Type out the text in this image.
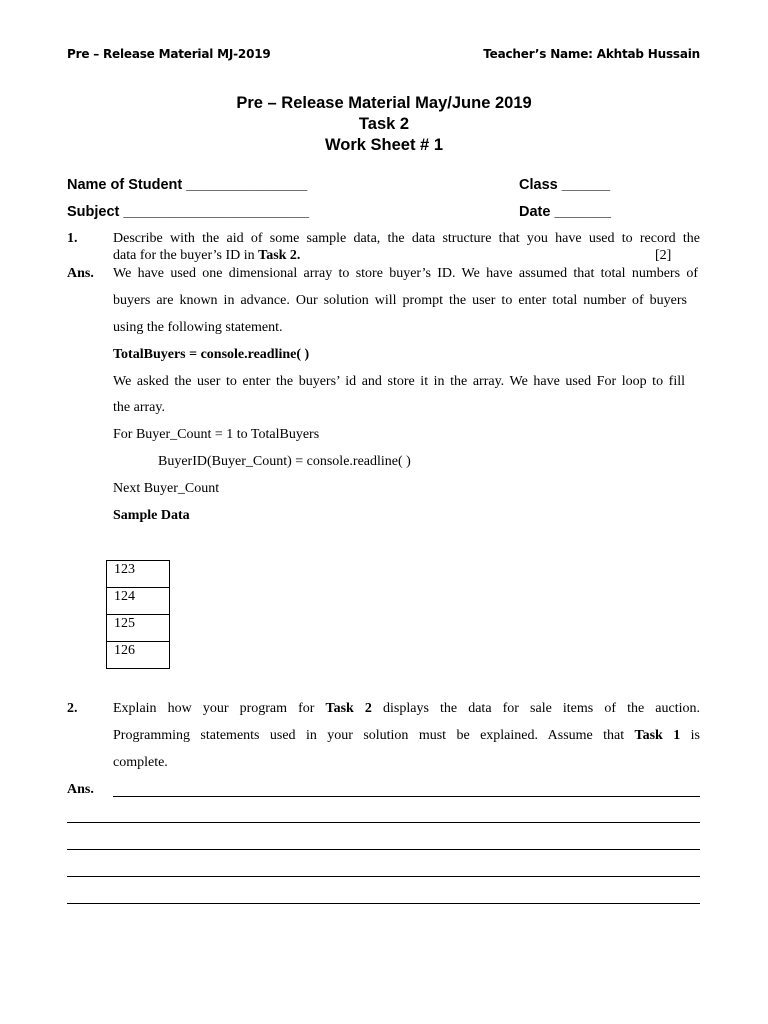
Pre – Release Material MJ-2019	Teacher’s Name: Akhtab Hussain
Pre – Release Material May/June 2019
Task 2
Work Sheet # 1
Name of Student _______________	Class ______
Subject _______________________	Date _______
1.	Describe with the aid of some sample data, the data structure that you have used to record the
data for the buyer’s ID in Task 2.	[2]
Ans. We have used one dimensional array to store buyer’s ID. We have assumed that total numbers of
buyers are known in advance. Our solution will prompt the user to enter total number of buyers
using the following statement.
TotalBuyers = console.readline( )
We asked the user to enter the buyers’ id and store it in the array. We have used For loop to fill
the array.
For Buyer_Count = 1 to TotalBuyers
BuyerID(Buyer_Count) = console.readline( )
Next Buyer_Count
Sample Data
123
124
125
126
2.	Explain how your program for Task 2 displays the data for sale items of the auction.
Programming statements used in your solution must be explained. Assume that Task 1 is
complete.
Ans.
